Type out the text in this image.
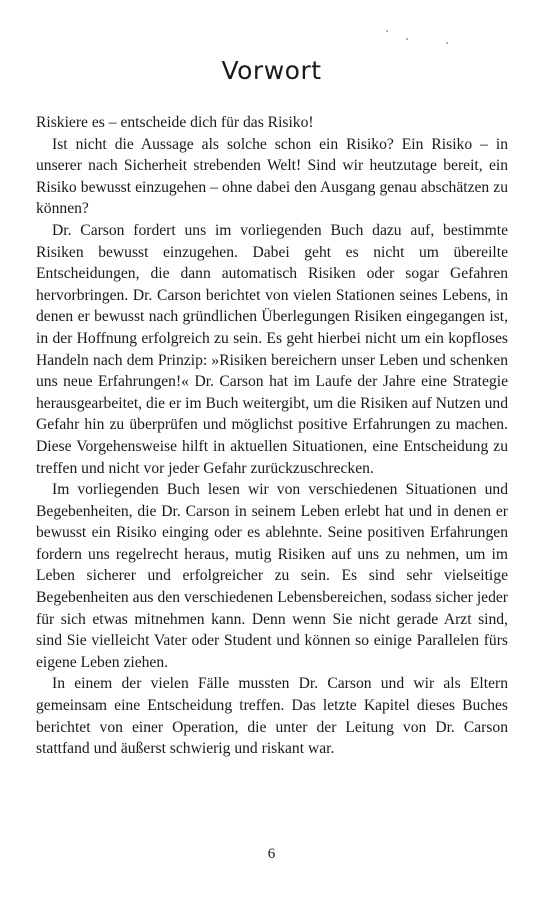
Vorwort

Riskiere es – entscheide dich für das Risiko!

Ist nicht die Aussage als solche schon ein Risiko? Ein Risiko – in unserer nach Sicherheit strebenden Welt! Sind wir heutzutage bereit, ein Risiko bewusst einzugehen – ohne dabei den Ausgang genau abschätzen zu können?

Dr. Carson fordert uns im vorliegenden Buch dazu auf, bestimmte Risiken bewusst einzugehen. Dabei geht es nicht um übereilte Entscheidungen, die dann automatisch Risiken oder sogar Gefahren hervorbringen. Dr. Carson berichtet von vielen Stationen seines Lebens, in denen er bewusst nach gründlichen Überlegungen Risiken eingegangen ist, in der Hoffnung erfolgreich zu sein. Es geht hierbei nicht um ein kopfloses Handeln nach dem Prinzip: »Risiken bereichern unser Leben und schenken uns neue Erfahrungen!« Dr. Carson hat im Laufe der Jahre eine Strategie herausgearbeitet, die er im Buch weitergibt, um die Risiken auf Nutzen und Gefahr hin zu überprüfen und möglichst positive Erfahrungen zu machen. Diese Vorgehensweise hilft in aktuellen Situationen, eine Entscheidung zu treffen und nicht vor jeder Gefahr zurückzuschrecken.

Im vorliegenden Buch lesen wir von verschiedenen Situationen und Begebenheiten, die Dr. Carson in seinem Leben erlebt hat und in denen er bewusst ein Risiko einging oder es ablehnte. Seine positiven Erfahrungen fordern uns regelrecht heraus, mutig Risiken auf uns zu nehmen, um im Leben sicherer und erfolgreicher zu sein. Es sind sehr vielseitige Begebenheiten aus den verschiedenen Lebensbereichen, sodass sicher jeder für sich etwas mitnehmen kann. Denn wenn Sie nicht gerade Arzt sind, sind Sie vielleicht Vater oder Student und können so einige Parallelen fürs eigene Leben ziehen.

In einem der vielen Fälle mussten Dr. Carson und wir als Eltern gemeinsam eine Entscheidung treffen. Das letzte Kapitel dieses Buches berichtet von einer Operation, die unter der Leitung von Dr. Carson stattfand und äußerst schwierig und riskant war.

6
